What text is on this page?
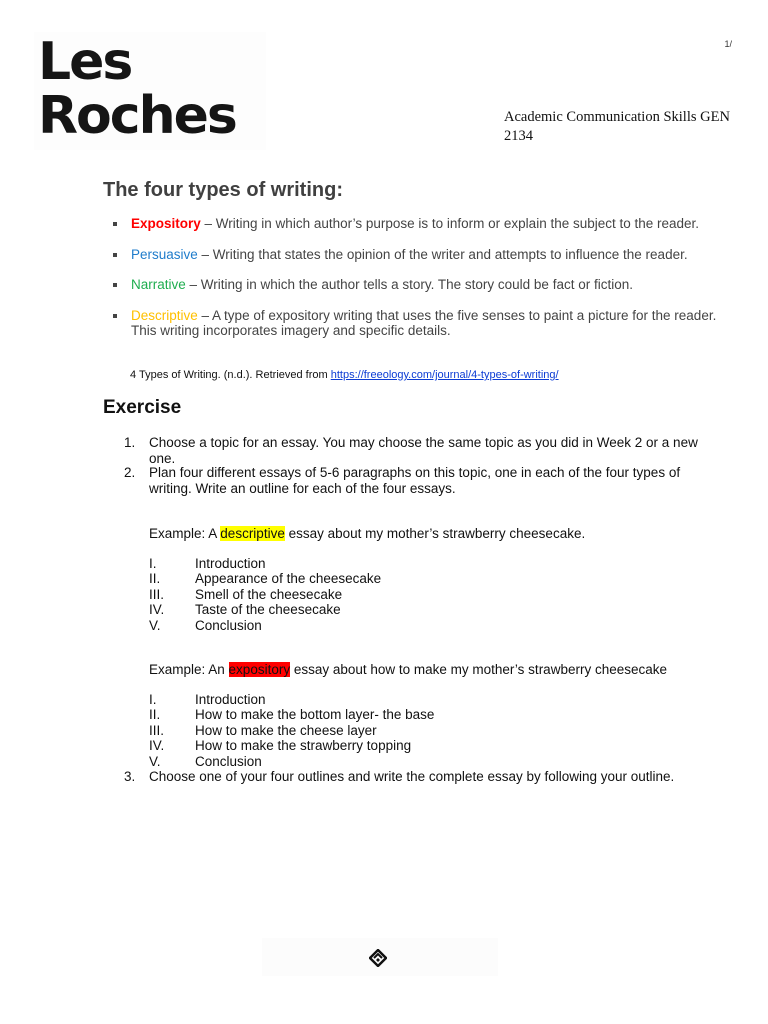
Les
Roches
1/
Academic Communication Skills GEN 2134
The four types of writing:
Expository – Writing in which author’s purpose is to inform or explain the subject to the reader.
Persuasive – Writing that states the opinion of the writer and attempts to influence the reader.
Narrative – Writing in which the author tells a story. The story could be fact or fiction.
Descriptive – A type of expository writing that uses the five senses to paint a picture for the reader. This writing incorporates imagery and specific details.
4 Types of Writing. (n.d.). Retrieved from https://freeology.com/journal/4-types-of-writing/
Exercise
1. Choose a topic for an essay. You may choose the same topic as you did in Week 2 or a new one.
2. Plan four different essays of 5-6 paragraphs on this topic, one in each of the four types of writing. Write an outline for each of the four essays.
Example: A descriptive essay about my mother’s strawberry cheesecake.
I.	Introduction
II.	Appearance of the cheesecake
III. Smell of the cheesecake
IV. Taste of the cheesecake
V.	Conclusion
Example: An expository essay about how to make my mother’s strawberry cheesecake
I.	Introduction
II.	How to make the bottom layer- the base
III. How to make the cheese layer
IV. How to make the strawberry topping
V.	Conclusion
3. Choose one of your four outlines and write the complete essay by following your outline.
